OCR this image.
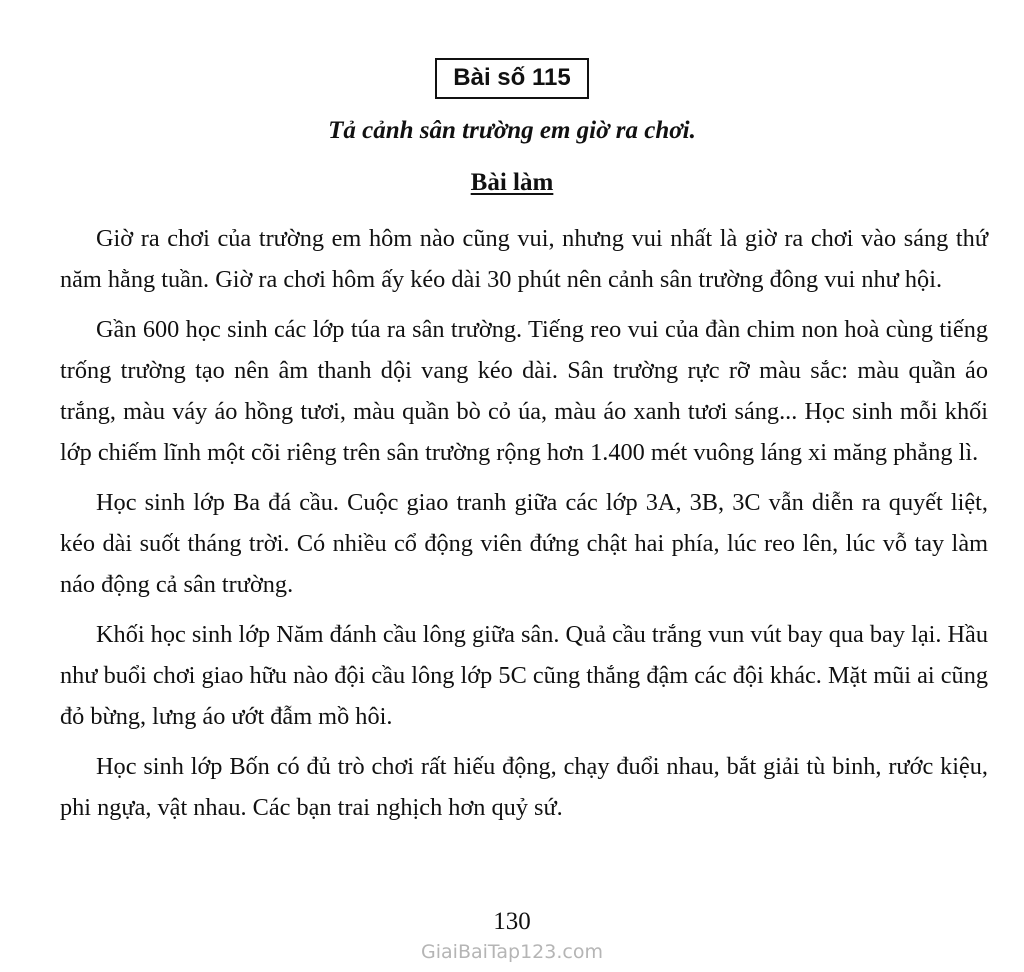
Bài số 115
Tả cảnh sân trường em giờ ra chơi.
Bài làm

Giờ ra chơi của trường em hôm nào cũng vui, nhưng vui nhất là giờ ra chơi vào sáng thứ năm hằng tuần. Giờ ra chơi hôm ấy kéo dài 30 phút nên cảnh sân trường đông vui như hội.

Gần 600 học sinh các lớp túa ra sân trường. Tiếng reo vui của đàn chim non hoà cùng tiếng trống trường tạo nên âm thanh dội vang kéo dài. Sân trường rực rỡ màu sắc: màu quần áo trắng, màu váy áo hồng tươi, màu quần bò cỏ úa, màu áo xanh tươi sáng... Học sinh mỗi khối lớp chiếm lĩnh một cõi riêng trên sân trường rộng hơn 1.400 mét vuông láng xi măng phẳng lì.

Học sinh lớp Ba đá cầu. Cuộc giao tranh giữa các lớp 3A, 3B, 3C vẫn diễn ra quyết liệt, kéo dài suốt tháng trời. Có nhiều cổ động viên đứng chật hai phía, lúc reo lên, lúc vỗ tay làm náo động cả sân trường.

Khối học sinh lớp Năm đánh cầu lông giữa sân. Quả cầu trắng vun vút bay qua bay lại. Hầu như buổi chơi giao hữu nào đội cầu lông lớp 5C cũng thắng đậm các đội khác. Mặt mũi ai cũng đỏ bừng, lưng áo ướt đẫm mồ hôi.

Học sinh lớp Bốn có đủ trò chơi rất hiếu động, chạy đuổi nhau, bắt giải tù binh, rước kiệu, phi ngựa, vật nhau. Các bạn trai nghịch hơn quỷ sứ.

130
GiaiBaiTap123.com
